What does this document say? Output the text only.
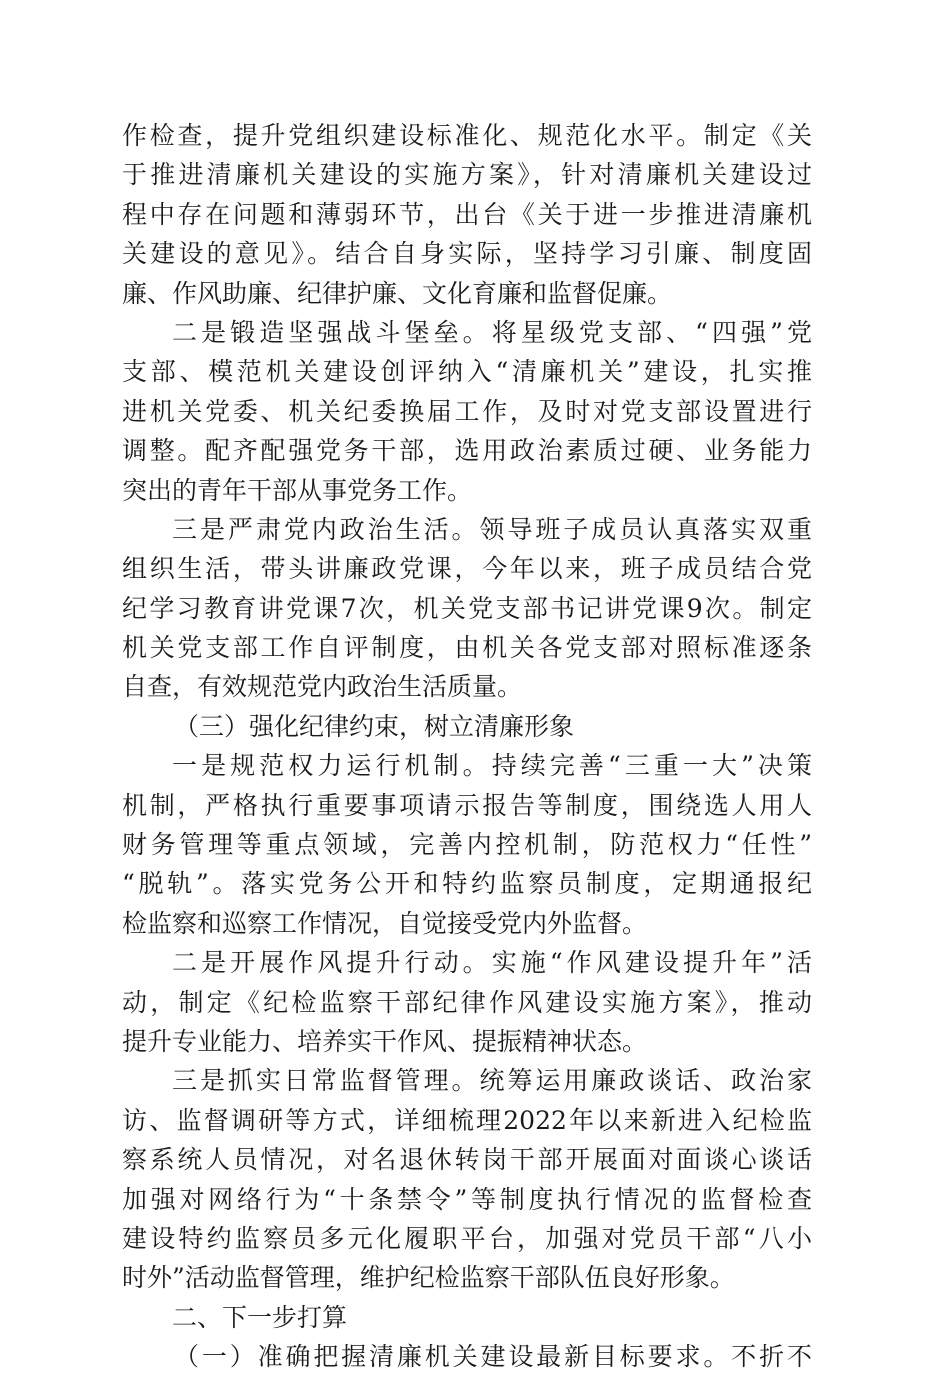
作检查，提升党组织建设标准化、规范化水平。制定《关
于推进清廉机关建设的实施方案》，针对清廉机关建设过
程中存在问题和薄弱环节，出台《关于进一步推进清廉机
关建设的意见》。结合自身实际，坚持学习引廉、制度固
廉、作风助廉、纪律护廉、文化育廉和监督促廉。
二是锻造坚强战斗堡垒。将星级党支部、“四强”党
支部、模范机关建设创评纳入“清廉机关”建设，扎实推
进机关党委、机关纪委换届工作，及时对党支部设置进行
调整。配齐配强党务干部，选用政治素质过硬、业务能力
突出的青年干部从事党务工作。
三是严肃党内政治生活。领导班子成员认真落实双重
组织生活，带头讲廉政党课，今年以来，班子成员结合党
纪学习教育讲党课7次，机关党支部书记讲党课9次。制定
机关党支部工作自评制度，由机关各党支部对照标准逐条
自查，有效规范党内政治生活质量。
（三）强化纪律约束，树立清廉形象
一是规范权力运行机制。持续完善“三重一大”决策
机制，严格执行重要事项请示报告等制度，围绕选人用人
财务管理等重点领域，完善内控机制，防范权力“任性”
“脱轨”。落实党务公开和特约监察员制度，定期通报纪
检监察和巡察工作情况，自觉接受党内外监督。
二是开展作风提升行动。实施“作风建设提升年”活
动，制定《纪检监察干部纪律作风建设实施方案》，推动
提升专业能力、培养实干作风、提振精神状态。
三是抓实日常监督管理。统筹运用廉政谈话、政治家
访、监督调研等方式，详细梳理2022年以来新进入纪检监
察系统人员情况，对名退休转岗干部开展面对面谈心谈话
加强对网络行为“十条禁令”等制度执行情况的监督检查
建设特约监察员多元化履职平台，加强对党员干部“八小
时外”活动监督管理，维护纪检监察干部队伍良好形象。
二、下一步打算
（一）准确把握清廉机关建设最新目标要求。不折不
